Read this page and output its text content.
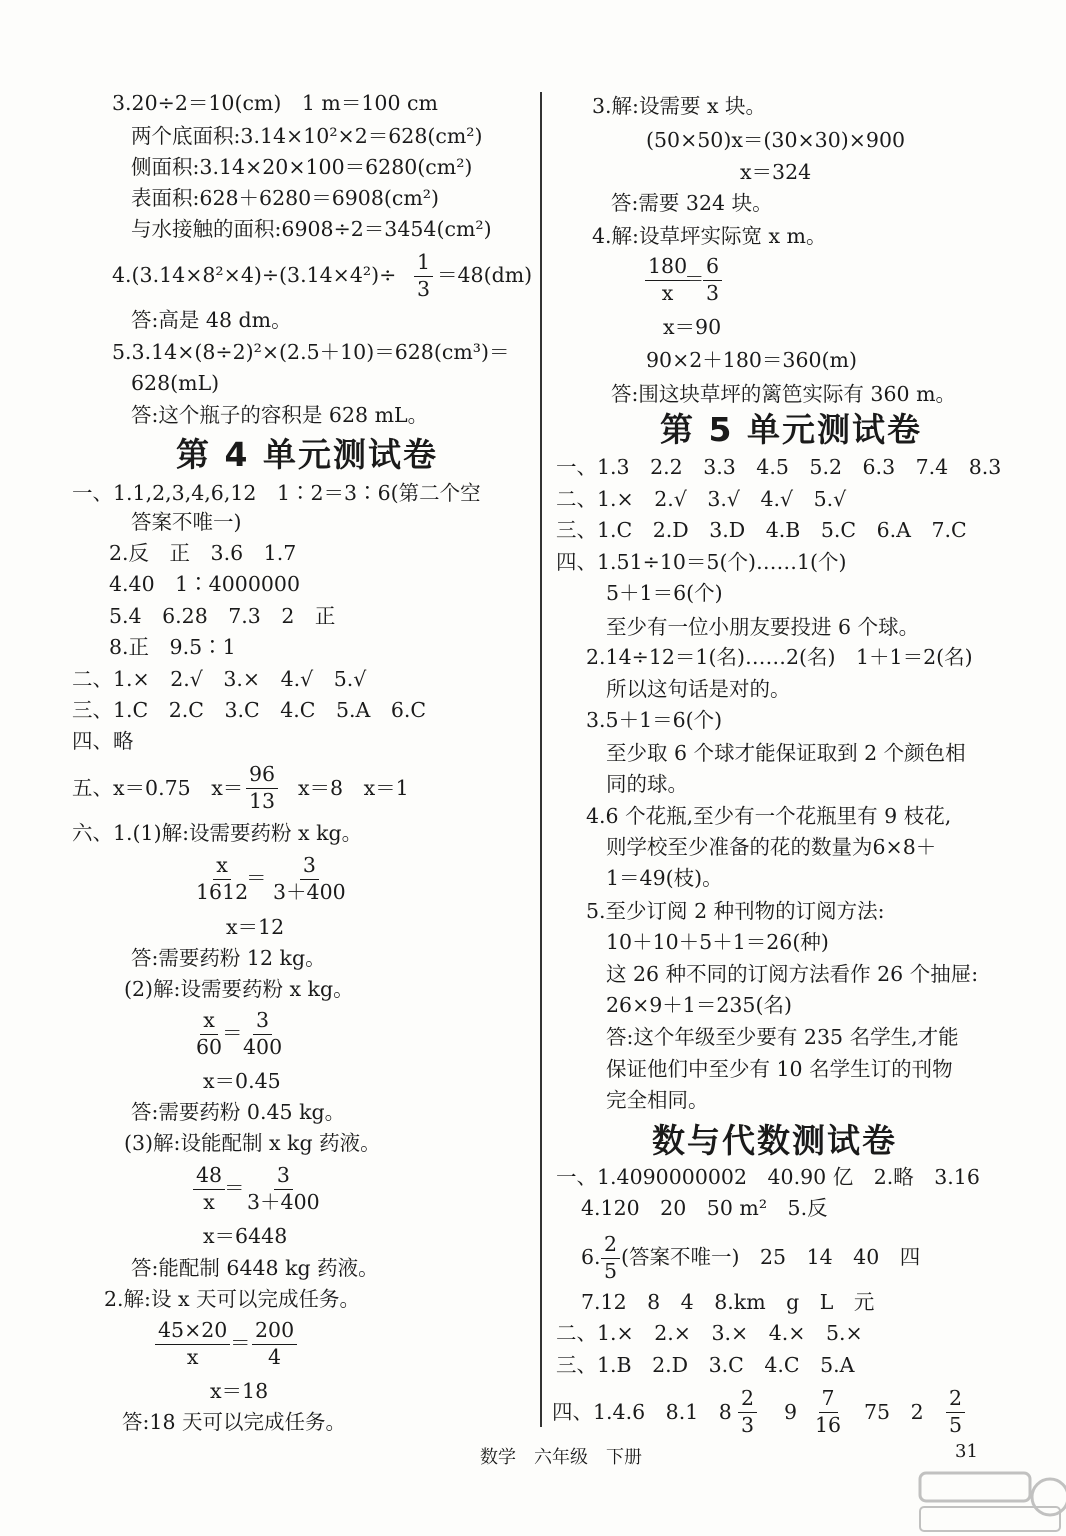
3.20÷2＝10(cm)　1 m＝100 cm
两个底面积:3.14×10²×2＝628(cm²)
侧面积:3.14×20×100＝6280(cm²)
表面积:628＋6280＝6908(cm²)
与水接触的面积:6908÷2＝3454(cm²)
$4.(3.14\times 8^2\times 4)\div(3.14\times 4^2)\div \frac{1}{3} =48(dm)$
答:高是 48 dm。
5.3.14×(8÷2)²×(2.5＋10)＝628(cm³)＝
628(mL)
答:这个瓶子的容积是 628 mL。
第 4 单元测试卷
一、1.1,2,3,4,6,12　1∶2＝3∶6(第二个空
答案不唯一)
2.反　正　3.6　1.7
4.40　1∶4000000
5.4　6.28　7.3　2　正
8.正　9.5∶1
二、1.×　2.√　3.×　4.√　5.√
三、1.C　2.C　3.C　4.C　5.A　6.C
四、略
五、x＝0.75　$x= \frac{96}{13} x=8$　x＝1
六、1.(1)解:设需要药粉 x kg。
$\frac{x}{1612}$
＝ $\frac{3}{3+400}$
x＝12
答:需要药粉 12 kg。
(2)解:设需要药粉 x kg。
$\frac{x}{60}$
＝
$\frac{3}{400}$
x＝0.45
答:需要药粉 0.45 kg。
(3)解:设能配制 x kg 药液。
$\frac{48}{x}$
＝ $\frac{3}{3+400}$
x＝6448
答:能配制 6448 kg 药液。
2.解:设 x 天可以完成任务。
$\frac{45\times 20}{x} = \frac{200}{4}$
x＝18
答:18 天可以完成任务。
3.解:设需要 x 块。
(50×50)x＝(30×30)×900
x＝324
答:需要 324 块。
4.解:设草坪实际宽 x m。
$\frac{180}{x}$
＝
$\frac{6}{3}$
x＝90
90×2＋180＝360(m)
答:围这块草坪的篱笆实际有 360 m。
第 5 单元测试卷
一、1.3　2.2　3.3　4.5　5.2　6.3　7.4　8.3
二、1.×　2.√　3.√　4.√　5.√
三、1.C　2.D　3.D　4.B　5.C　6.A　7.C
四、1.51÷10＝5(个)……1(个)
5＋1＝6(个)
至少有一位小朋友要投进 6 个球。
2.14÷12＝1(名)……2(名)　1＋1＝2(名)
所以这句话是对的。
3.5＋1＝6(个)
至少取 6 个球才能保证取到 2 个颜色相
同的球。
4.6 个花瓶,至少有一个花瓶里有 9 枝花,
则学校至少准备的花的数量为6×8＋
1＝49(枝)。
5.至少订阅 2 种刊物的订阅方法:
10＋10＋5＋1＝26(种)
这 26 种不同的订阅方法看作 26 个抽屉:
26×9＋1＝235(名)
答:这个年级至少要有 235 名学生,才能
保证他们中至少有 10 名学生订的刊物
完全相同。
数与代数测试卷
一、1.4090000002　40.90 亿　2.略　3.16
4.120　20　50 m²　5.反
6. $\frac{2}{5}$ (答案不唯一)　25　14　40　四
7.12　8　4　8.km　g　L　元
二、1.×　2.×　3.×　4.×　5.×
三、1.B　2.D　3.C　4.C　5.A
四、1.4.6　8.1　$8 \frac{2}{3} 9 \frac{7}{16} 75$　$2 \frac{2}{5}$
数学　六年级　下册	31
